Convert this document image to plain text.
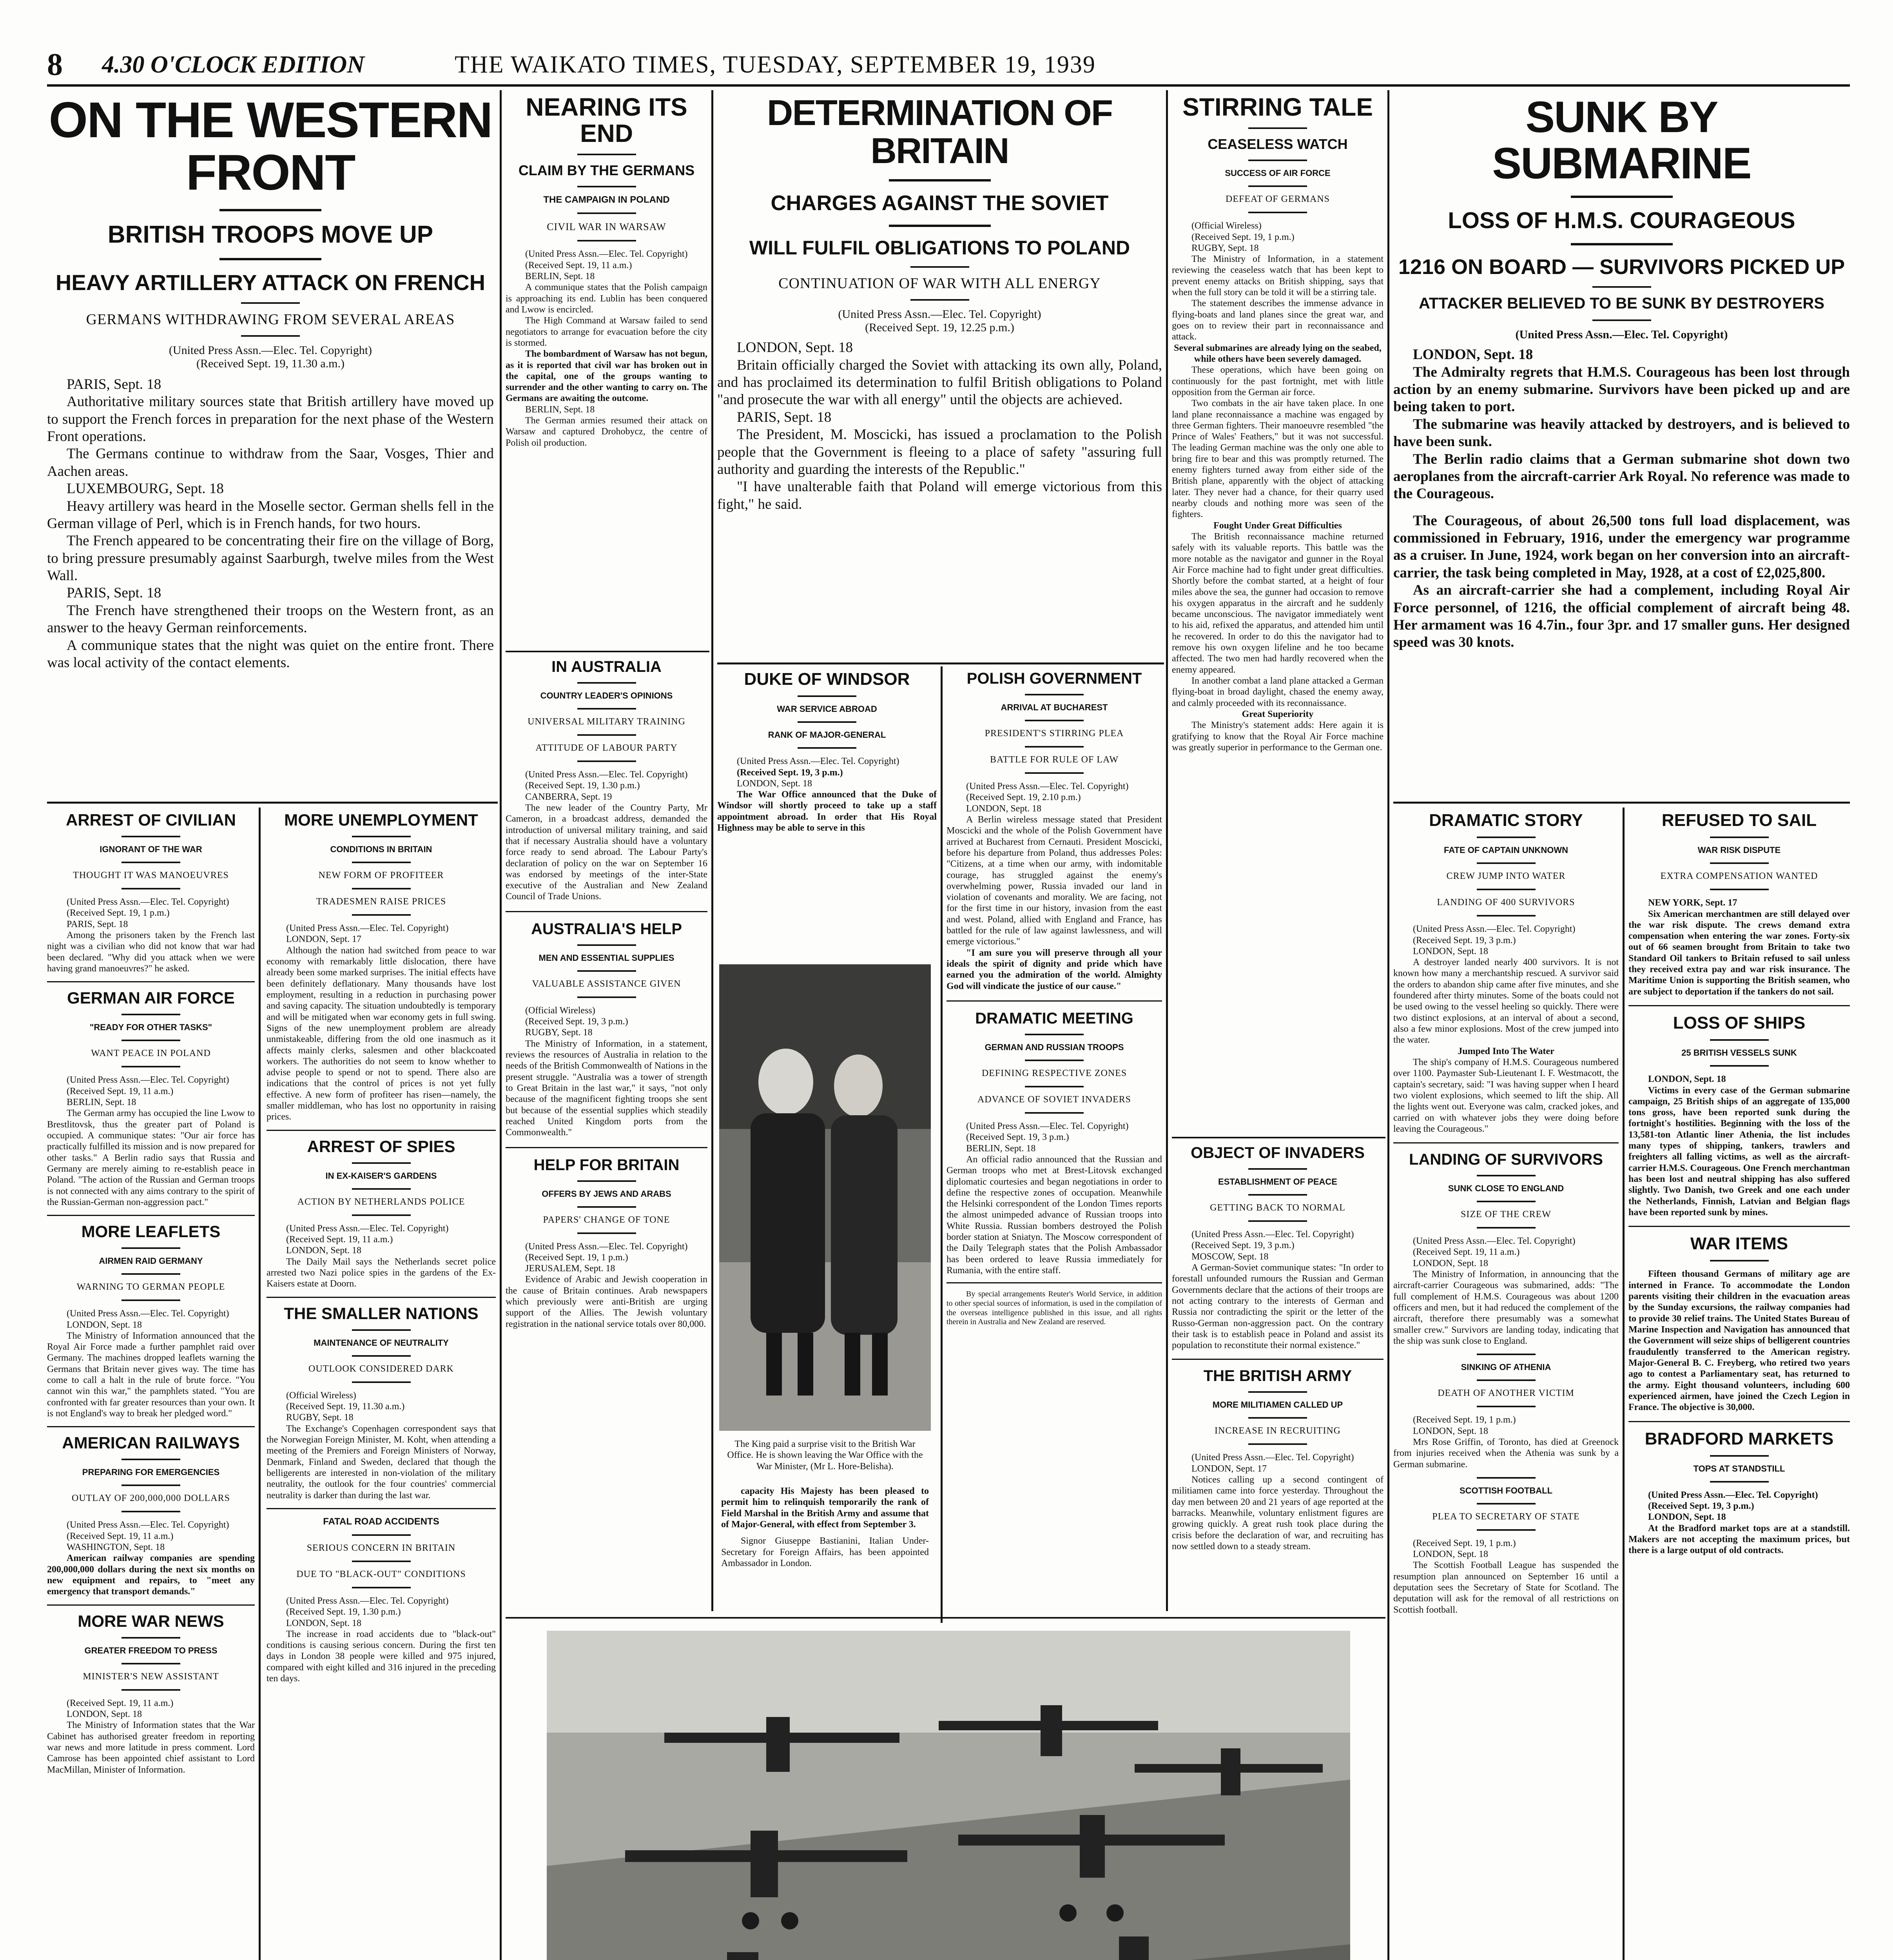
8	4.30 O'CLOCK EDITION	THE WAIKATO TIMES, TUESDAY, SEPTEMBER 19, 1939
ON THE WESTERN FRONT
BRITISH TROOPS MOVE UP
HEAVY ARTILLERY ATTACK ON FRENCH

GERMANS WITHDRAWING FROM SEVERAL AREAS

(United Press Assn.—Elec. Tel. Copyright)

(Received Sept. 19, 11.30 a.m.)

PARIS, Sept. 18

Authoritative military sources state that British artillery have moved up to support the French forces in preparation for the next phase of the Western Front operations.

The Germans continue to withdraw from the Saar, Vosges, Thier and Aachen areas.

LUXEMBOURG, Sept. 18

Heavy artillery was heard in the Moselle sector. German shells fell in the German village of Perl, which is in French hands, for two hours.

The French appeared to be concentrating their fire on the village of Borg, to bring pressure presumably against Saarburgh, twelve miles from the West Wall.

PARIS, Sept. 18

The French have strengthened their troops on the Western front, as an answer to the heavy German reinforcements.

A communique states that the night was quiet on the entire front. There was local activity of the contact elements.

NEARING ITS END
CLAIM BY THE GERMANS

THE CAMPAIGN IN POLAND

CIVIL WAR IN WARSAW

(United Press Assn.—Elec. Tel. Copyright)

(Received Sept. 19, 11 a.m.)

BERLIN, Sept. 18

A communique states that the Polish campaign is approaching its end. Lublin has been conquered and Lwow is encircled.

The High Command at Warsaw failed to send negotiators to arrange for evacuation before the city is stormed.

The bombardment of Warsaw has not begun, as it is reported that civil war has broken out in the capital, one of the groups wanting to surrender and the other wanting to carry on. The Germans are awaiting the outcome.

BERLIN, Sept. 18

The German armies resumed their attack on Warsaw and captured Drohobycz, the centre of Polish oil production.

IN AUSTRALIA

COUNTRY LEADER'S OPINIONS

UNIVERSAL MILITARY TRAINING

ATTITUDE OF LABOUR PARTY

(United Press Assn.—Elec. Tel. Copyright)

(Received Sept. 19, 1.30 p.m.)

CANBERRA, Sept. 19

The new leader of the Country Party, Mr Cameron, in a broadcast address, demanded the introduction of universal military training, and said that if necessary Australia should have a voluntary force ready to send abroad. The Labour Party's declaration of policy on the war on September 16 was endorsed by meetings of the inter-State executive of the Australian and New Zealand Council of Trade Unions.

AUSTRALIA'S HELP

MEN AND ESSENTIAL SUPPLIES

VALUABLE ASSISTANCE GIVEN

(Official Wireless)

(Received Sept. 19, 3 p.m.)

RUGBY, Sept. 18

The Ministry of Information, in a statement, reviews the resources of Australia in relation to the needs of the British Commonwealth of Nations in the present struggle. "Australia was a tower of strength to Great Britain in the last war," it says, "not only because of the magnificent fighting troops she sent but because of the essential supplies which steadily reached United Kingdom ports from the Commonwealth."

HELP FOR BRITAIN

OFFERS BY JEWS AND ARABS

PAPERS' CHANGE OF TONE

(United Press Assn.—Elec. Tel. Copyright)

(Received Sept. 19, 1 p.m.)

JERUSALEM, Sept. 18

Evidence of Arabic and Jewish cooperation in the cause of Britain continues. Arab newspapers which previously were anti-British are urging support of the Allies. The Jewish voluntary registration in the national service totals over 80,000.

DETERMINATION OF BRITAIN
CHARGES AGAINST THE SOVIET
WILL FULFIL OBLIGATIONS TO POLAND

CONTINUATION OF WAR WITH ALL ENERGY

(United Press Assn.—Elec. Tel. Copyright)

(Received Sept. 19, 12.25 p.m.)

LONDON, Sept. 18

Britain officially charged the Soviet with attacking its own ally, Poland, and has proclaimed its determination to fulfil British obligations to Poland "and prosecute the war with all energy" until the objects are achieved.

PARIS, Sept. 18

The President, M. Moscicki, has issued a proclamation to the Polish people that the Government is fleeing to a place of safety "assuring full authority and guarding the interests of the Republic."

"I have unalterable faith that Poland will emerge victorious from this fight," he said.

DUKE OF WINDSOR

WAR SERVICE ABROAD

RANK OF MAJOR-GENERAL

(United Press Assn.—Elec. Tel. Copyright)

(Received Sept. 19, 3 p.m.)

LONDON, Sept. 18

The War Office announced that the Duke of Windsor will shortly proceed to take up a staff appointment abroad. In order that His Royal Highness may be able to serve in this

The King paid a surprise visit to the British War Office. He is shown leaving the War Office with the War Minister, (Mr L. Hore-Belisha).

capacity His Majesty has been pleased to permit him to relinquish temporarily the rank of Field Marshal in the British Army and assume that of Major-General, with effect from September 3.

Signor Giuseppe Bastianini, Italian Under-Secretary for Foreign Affairs, has been appointed Ambassador in London.

POLISH GOVERNMENT

ARRIVAL AT BUCHAREST

PRESIDENT'S STIRRING PLEA

BATTLE FOR RULE OF LAW

(United Press Assn.—Elec. Tel. Copyright)

(Received Sept. 19, 2.10 p.m.)

LONDON, Sept. 18

A Berlin wireless message stated that President Moscicki and the whole of the Polish Government have arrived at Bucharest from Cernauti. President Moscicki, before his departure from Poland, thus addresses Poles: "Citizens, at a time when our army, with indomitable courage, has struggled against the enemy's overwhelming power, Russia invaded our land in violation of covenants and morality. We are facing, not for the first time in our history, invasion from the east and west. Poland, allied with England and France, has battled for the rule of law against lawlessness, and will emerge victorious."

"I am sure you will preserve through all your ideals the spirit of dignity and pride which have earned you the admiration of the world. Almighty God will vindicate the justice of our cause."

DRAMATIC MEETING

GERMAN AND RUSSIAN TROOPS

DEFINING RESPECTIVE ZONES

ADVANCE OF SOVIET INVADERS

(United Press Assn.—Elec. Tel. Copyright)

(Received Sept. 19, 3 p.m.)

BERLIN, Sept. 18

An official radio announced that the Russian and German troops who met at Brest-Litovsk exchanged diplomatic courtesies and began negotiations in order to define the respective zones of occupation. Meanwhile the Helsinki correspondent of the London Times reports the almost unimpeded advance of Russian troops into White Russia. Russian bombers destroyed the Polish border station at Sniatyn. The Moscow correspondent of the Daily Telegraph states that the Polish Ambassador has been ordered to leave Russia immediately for Rumania, with the entire staff.

By special arrangements Reuter's World Service, in addition to other special sources of information, is used in the compilation of the overseas intelligence published in this issue, and all rights therein in Australia and New Zealand are reserved.

STIRRING TALE
CEASELESS WATCH

SUCCESS OF AIR FORCE

DEFEAT OF GERMANS

(Official Wireless)

(Received Sept. 19, 1 p.m.)

RUGBY, Sept. 18

The Ministry of Information, in a statement reviewing the ceaseless watch that has been kept to prevent enemy attacks on British shipping, says that when the full story can be told it will be a stirring tale.

The statement describes the immense advance in flying-boats and land planes since the great war, and goes on to review their part in reconnaissance and attack.

Several submarines are already lying on the seabed, while others have been severely damaged.

These operations, which have been going on continuously for the past fortnight, met with little opposition from the German air force.

Two combats in the air have taken place. In one land plane reconnaissance a machine was engaged by three German fighters. Their manoeuvre resembled "the Prince of Wales' Feathers," but it was not successful. The leading German machine was the only one able to bring fire to bear and this was promptly returned. The enemy fighters turned away from either side of the British plane, apparently with the object of attacking later. They never had a chance, for their quarry used nearby clouds and nothing more was seen of the fighters.

Fought Under Great Difficulties

The British reconnaissance machine returned safely with its valuable reports. This battle was the more notable as the navigator and gunner in the Royal Air Force machine had to fight under great difficulties. Shortly before the combat started, at a height of four miles above the sea, the gunner had occasion to remove his oxygen apparatus in the aircraft and he suddenly became unconscious. The navigator immediately went to his aid, refixed the apparatus, and attended him until he recovered. In order to do this the navigator had to remove his own oxygen lifeline and he too became affected. The two men had hardly recovered when the enemy appeared.

In another combat a land plane attacked a German flying-boat in broad daylight, chased the enemy away, and calmly proceeded with its reconnaissance.

Great Superiority

The Ministry's statement adds: Here again it is gratifying to know that the Royal Air Force machine was greatly superior in performance to the German one.

OBJECT OF INVADERS

ESTABLISHMENT OF PEACE

GETTING BACK TO NORMAL

(United Press Assn.—Elec. Tel. Copyright)

(Received Sept. 19, 3 p.m.)

MOSCOW, Sept. 18

A German-Soviet communique states: "In order to forestall unfounded rumours the Russian and German Governments declare that the actions of their troops are not acting contrary to the interests of German and Russia nor contradicting the spirit or the letter of the Russo-German non-aggression pact. On the contrary their task is to establish peace in Poland and assist its population to reconstitute their normal existence."

THE BRITISH ARMY

MORE MILITIAMEN CALLED UP

INCREASE IN RECRUITING

(United Press Assn.—Elec. Tel. Copyright)

LONDON, Sept. 17

Notices calling up a second contingent of militiamen came into force yesterday. Throughout the day men between 20 and 21 years of age reported at the barracks. Meanwhile, voluntary enlistment figures are growing quickly. A great rush took place during the crisis before the declaration of war, and recruiting has now settled down to a steady stream.

SUNK BY SUBMARINE
LOSS OF H.M.S. COURAGEOUS
1216 ON BOARD — SURVIVORS PICKED UP

ATTACKER BELIEVED TO BE SUNK BY DESTROYERS

(United Press Assn.—Elec. Tel. Copyright)

LONDON, Sept. 18

The Admiralty regrets that H.M.S. Courageous has been lost through action by an enemy submarine. Survivors have been picked up and are being taken to port.

The submarine was heavily attacked by destroyers, and is believed to have been sunk.

The Berlin radio claims that a German submarine shot down two aeroplanes from the aircraft-carrier Ark Royal. No reference was made to the Courageous.

The Courageous, of about 26,500 tons full load displacement, was commissioned in February, 1916, under the emergency war programme as a cruiser. In June, 1924, work began on her conversion into an aircraft-carrier, the task being completed in May, 1928, at a cost of £2,025,800.

As an aircraft-carrier she had a complement, including Royal Air Force personnel, of 1216, the official complement of aircraft being 48. Her armament was 16 4.7in., four 3pr. and 17 smaller guns. Her designed speed was 30 knots.

DRAMATIC STORY

FATE OF CAPTAIN UNKNOWN

CREW JUMP INTO WATER

LANDING OF 400 SURVIVORS

(United Press Assn.—Elec. Tel. Copyright)

(Received Sept. 19, 3 p.m.)

LONDON, Sept. 18

A destroyer landed nearly 400 survivors. It is not known how many a merchantship rescued. A survivor said the orders to abandon ship came after five minutes, and she foundered after thirty minutes. Some of the boats could not be used owing to the vessel heeling so quickly. There were two distinct explosions, at an interval of about a second, also a few minor explosions. Most of the crew jumped into the water.

Jumped Into The Water

The ship's company of H.M.S. Courageous numbered over 1100. Paymaster Sub-Lieutenant I. F. Westmacott, the captain's secretary, said: "I was having supper when I heard two violent explosions, which seemed to lift the ship. All the lights went out. Everyone was calm, cracked jokes, and carried on with whatever jobs they were doing before leaving the Courageous."

LANDING OF SURVIVORS

SUNK CLOSE TO ENGLAND

SIZE OF THE CREW

(United Press Assn.—Elec. Tel. Copyright)

(Received Sept. 19, 11 a.m.)

LONDON, Sept. 18

The Ministry of Information, in announcing that the aircraft-carrier Courageous was submarined, adds: "The full complement of H.M.S. Courageous was about 1200 officers and men, but it had reduced the complement of the aircraft, therefore there presumably was a somewhat smaller crew." Survivors are landing today, indicating that the ship was sunk close to England.

SINKING OF ATHENIA

DEATH OF ANOTHER VICTIM

(Received Sept. 19, 1 p.m.)

LONDON, Sept. 18

Mrs Rose Griffin, of Toronto, has died at Greenock from injuries received when the Athenia was sunk by a German submarine.

SCOTTISH FOOTBALL

PLEA TO SECRETARY OF STATE

(Received Sept. 19, 1 p.m.)

LONDON, Sept. 18

The Scottish Football League has suspended the resumption plan announced on September 16 until a deputation sees the Secretary of State for Scotland. The deputation will ask for the removal of all restrictions on Scottish football.

REFUSED TO SAIL

WAR RISK DISPUTE

EXTRA COMPENSATION WANTED

NEW YORK, Sept. 17

Six American merchantmen are still delayed over the war risk dispute. The crews demand extra compensation when entering the war zones. Forty-six out of 66 seamen brought from Britain to take two Standard Oil tankers to Britain refused to sail unless they received extra pay and war risk insurance. The Maritime Union is supporting the British seamen, who are subject to deportation if the tankers do not sail.

LOSS OF SHIPS

25 BRITISH VESSELS SUNK

LONDON, Sept. 18

Victims in every case of the German submarine campaign, 25 British ships of an aggregate of 135,000 tons gross, have been reported sunk during the fortnight's hostilities. Beginning with the loss of the 13,581-ton Atlantic liner Athenia, the list includes many types of shipping, tankers, trawlers and freighters all falling victims, as well as the aircraft-carrier H.M.S. Courageous. One French merchantman has been lost and neutral shipping has also suffered slightly. Two Danish, two Greek and one each under the Netherlands, Finnish, Latvian and Belgian flags have been reported sunk by mines.

WAR ITEMS

Fifteen thousand Germans of military age are interned in France. To accommodate the London parents visiting their children in the evacuation areas by the Sunday excursions, the railway companies had to provide 30 relief trains. The United States Bureau of Marine Inspection and Navigation has announced that the Government will seize ships of belligerent countries fraudulently transferred to the American registry. Major-General B. C. Freyberg, who retired two years ago to contest a Parliamentary seat, has returned to the army. Eight thousand volunteers, including 600 experienced airmen, have joined the Czech Legion in France. The objective is 30,000.

BRADFORD MARKETS

TOPS AT STANDSTILL

(United Press Assn.—Elec. Tel. Copyright)

(Received Sept. 19, 3 p.m.)

LONDON, Sept. 18

At the Bradford market tops are at a standstill. Makers are not accepting the maximum prices, but there is a large output of old contracts.

ARREST OF CIVILIAN

IGNORANT OF THE WAR

THOUGHT IT WAS MANOEUVRES

(United Press Assn.—Elec. Tel. Copyright)

(Received Sept. 19, 1 p.m.)

PARIS, Sept. 18

Among the prisoners taken by the French last night was a civilian who did not know that war had been declared. "Why did you attack when we were having grand manoeuvres?" he asked.

GERMAN AIR FORCE

"READY FOR OTHER TASKS"

WANT PEACE IN POLAND

(United Press Assn.—Elec. Tel. Copyright)

(Received Sept. 19, 11 a.m.)

BERLIN, Sept. 18

The German army has occupied the line Lwow to Brestlitovsk, thus the greater part of Poland is occupied. A communique states: "Our air force has practically fulfilled its mission and is now prepared for other tasks." A Berlin radio says that Russia and Germany are merely aiming to re-establish peace in Poland. "The action of the Russian and German troops is not connected with any aims contrary to the spirit of the Russian-German non-aggression pact."

MORE LEAFLETS

AIRMEN RAID GERMANY

WARNING TO GERMAN PEOPLE

(United Press Assn.—Elec. Tel. Copyright)

LONDON, Sept. 18

The Ministry of Information announced that the Royal Air Force made a further pamphlet raid over Germany. The machines dropped leaflets warning the Germans that Britain never gives way. The time has come to call a halt in the rule of brute force. "You cannot win this war," the pamphlets stated. "You are confronted with far greater resources than your own. It is not England's way to break her pledged word."

AMERICAN RAILWAYS

PREPARING FOR EMERGENCIES

OUTLAY OF 200,000,000 DOLLARS

(United Press Assn.—Elec. Tel. Copyright)

(Received Sept. 19, 11 a.m.)

WASHINGTON, Sept. 18

American railway companies are spending 200,000,000 dollars during the next six months on new equipment and repairs, to "meet any emergency that transport demands."

MORE WAR NEWS

GREATER FREEDOM TO PRESS

MINISTER'S NEW ASSISTANT

(Received Sept. 19, 11 a.m.)

LONDON, Sept. 18

The Ministry of Information states that the War Cabinet has authorised greater freedom in reporting war news and more latitude in press comment. Lord Camrose has been appointed chief assistant to Lord MacMillan, Minister of Information.

MORE UNEMPLOYMENT

CONDITIONS IN BRITAIN

NEW FORM OF PROFITEER

TRADESMEN RAISE PRICES

(United Press Assn.—Elec. Tel. Copyright)

LONDON, Sept. 17

Although the nation had switched from peace to war economy with remarkably little dislocation, there have already been some marked surprises. The initial effects have been definitely deflationary. Many thousands have lost employment, resulting in a reduction in purchasing power and saving capacity. The situation undoubtedly is temporary and will be mitigated when war economy gets in full swing. Signs of the new unemployment problem are already unmistakeable, differing from the old one inasmuch as it affects mainly clerks, salesmen and other blackcoated workers. The authorities do not seem to know whether to advise people to spend or not to spend. There also are indications that the control of prices is not yet fully effective. A new form of profiteer has risen—namely, the smaller middleman, who has lost no opportunity in raising prices.

ARREST OF SPIES

IN EX-KAISER'S GARDENS

ACTION BY NETHERLANDS POLICE

(United Press Assn.—Elec. Tel. Copyright)

(Received Sept. 19, 11 a.m.)

LONDON, Sept. 18

The Daily Mail says the Netherlands secret police arrested two Nazi police spies in the gardens of the Ex-Kaisers estate at Doorn.

THE SMALLER NATIONS

MAINTENANCE OF NEUTRALITY

OUTLOOK CONSIDERED DARK

(Official Wireless)

(Received Sept. 19, 11.30 a.m.)

RUGBY, Sept. 18

The Exchange's Copenhagen correspondent says that the Norwegian Foreign Minister, M. Koht, when attending a meeting of the Premiers and Foreign Ministers of Norway, Denmark, Finland and Sweden, declared that though the belligerents are interested in non-violation of the military neutrality, the outlook for the four countries' commercial neutrality is darker than during the last war.

FATAL ROAD ACCIDENTS

SERIOUS CONCERN IN BRITAIN

DUE TO "BLACK-OUT" CONDITIONS

(United Press Assn.—Elec. Tel. Copyright)

(Received Sept. 19, 1.30 p.m.)

LONDON, Sept. 18

The increase in road accidents due to "black-out" conditions is causing serious concern. During the first ten days in London 38 people were killed and 975 injured, compared with eight killed and 316 injured in the preceding ten days.
